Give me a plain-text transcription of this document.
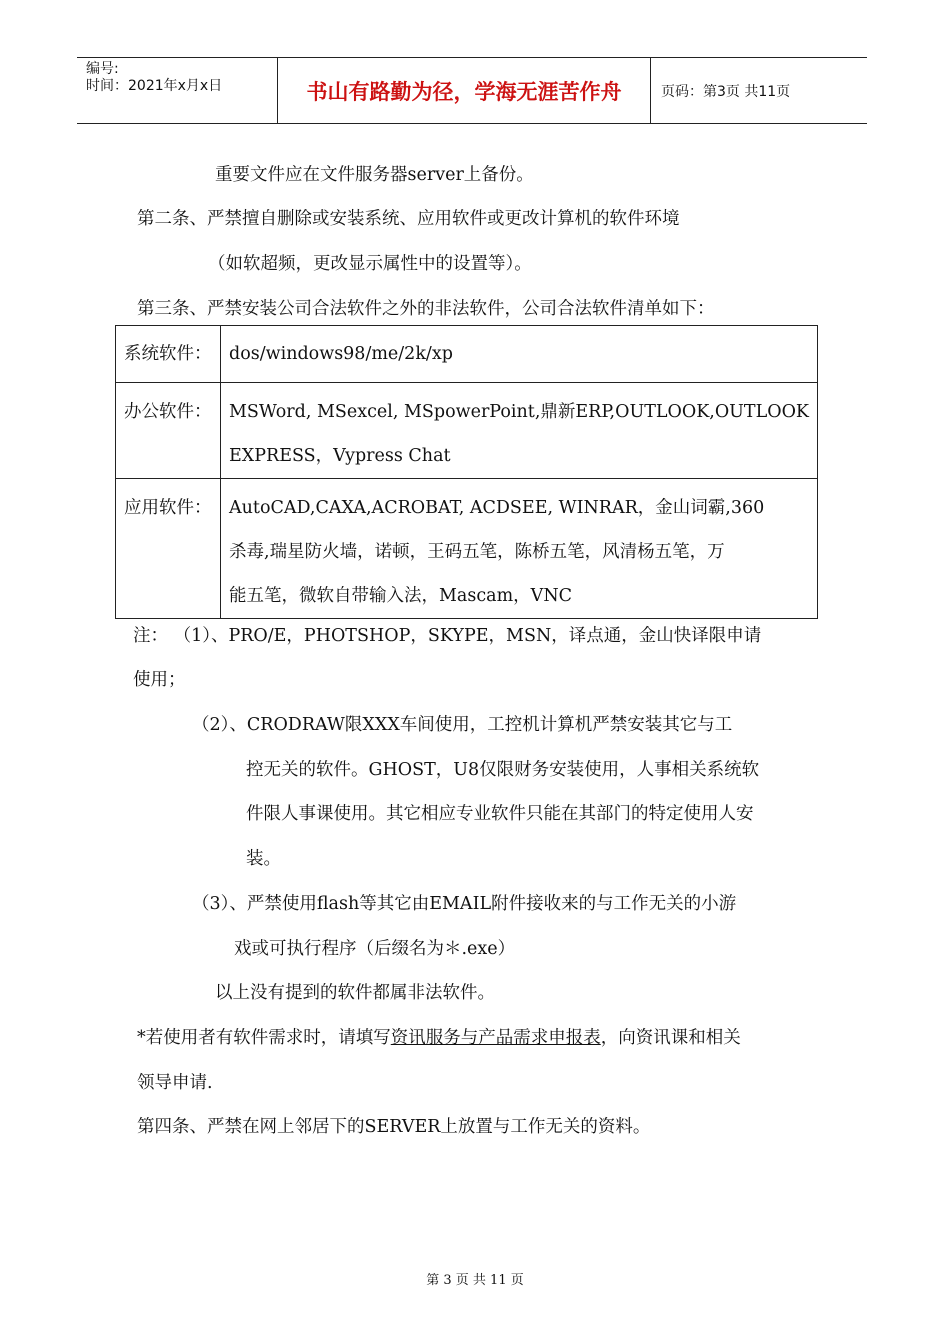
编号:
时间：2021年x月x日	书山有路勤为径，学海无涯苦作舟	页码：第3页 共11页
重要文件应在文件服务器server上备份。
第二条、严禁擅自删除或安装系统、应用软件或更改计算机的软件环境
（如软超频，更改显示属性中的设置等）。
第三条、严禁安装公司合法软件之外的非法软件，公司合法软件清单如下：
系统软件：	dos/windows98/me/2k/xp

办公软件：	MSWord, MSexcel, MSpowerPoint,鼎新ERP,OUTLOOK,OUTLOOK
EXPRESS，Vypress Chat

应用软件：	AutoCAD,CAXA,ACROBAT, ACDSEE, WINRAR，金山词霸,360
杀毒,瑞星防火墙，诺顿，王码五笔，陈桥五笔，风清杨五笔，万
能五笔，微软自带输入法，Mascam，VNC
注： （1）、PRO/E，PHOTSHOP，SKYPE，MSN，译点通，金山快译限申请
使用；
（2）、CRODRAW限XXX车间使用，工控机计算机严禁安装其它与工
控无关的软件。GHOST，U8仅限财务安装使用，人事相关系统软
件限人事课使用。其它相应专业软件只能在其部门的特定使用人安
装。
（3）、严禁使用flash等其它由EMAIL附件接收来的与工作无关的小游
戏或可执行程序（后缀名为＊.exe）
以上没有提到的软件都属非法软件。
*若使用者有软件需求时，请填写资讯服务与产品需求申报表，向资讯课和相关
领导申请.
第四条、严禁在网上邻居下的SERVER上放置与工作无关的资料。
第 3 页 共 11 页
